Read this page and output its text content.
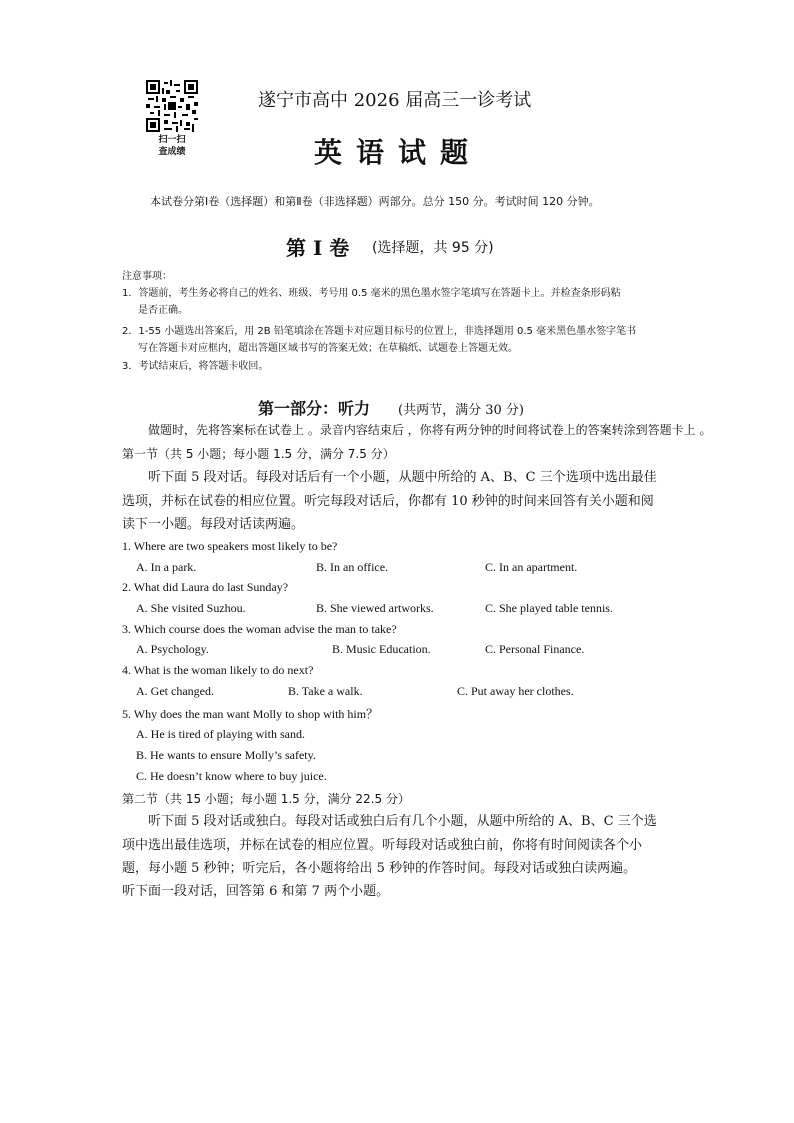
扫一扫
查成绩
遂宁市高中 2026 届高三一诊考试
英语试题
本试卷分第Ⅰ卷（选择题）和第Ⅱ卷（非选择题）两部分。总分 150 分。考试时间 120 分钟。
第 Ⅰ 卷 (选择题，共 95 分)
注意事项：
1．答题前，考生务必将自己的姓名、班级、考号用 0.5 毫米的黑色墨水签字笔填写在答题卡上。并检查条形码粘
是否正确。
2．1-55 小题选出答案后，用 2B 铅笔填涂在答题卡对应题目标号的位置上，非选择题用 0.5 毫米黑色墨水签字笔书
写在答题卡对应框内，超出答题区域书写的答案无效；在草稿纸、试题卷上答题无效。
3．考试结束后，将答题卡收回。
第一部分：听力 (共两节，满分 30 分)
做题时，先将答案标在试卷上 。录音内容结束后 ，你将有两分钟的时间将试卷上的答案转涂到答题卡上 。
第一节（共 5 小题；每小题 1.5 分，满分 7.5 分）
听下面 5 段对话。每段对话后有一个小题，从题中所给的 A、B、C 三个选项中选出最佳
选项，并标在试卷的相应位置。听完每段对话后，你都有 10 秒钟的时间来回答有关小题和阅
读下一小题。每段对话读两遍。
1. Where are two speakers most likely to be?
A. In a park.	B. In an office.	C. In an apartment.
2. What did Laura do last Sunday?
A. She visited Suzhou.	B. She viewed artworks.	C. She played table tennis.
3. Which course does the woman advise the man to take?
A. Psychology.	B. Music Education.	C. Personal Finance.
4. What is the woman likely to do next?
A. Get changed.	B. Take a walk.	C. Put away her clothes.
5. Why does the man want Molly to shop with him？
A. He is tired of playing with sand.
B. He wants to ensure Molly’s safety.
C. He doesn’t know where to buy juice.
第二节（共 15 小题；每小题 1.5 分，满分 22.5 分）
听下面 5 段对话或独白。每段对话或独白后有几个小题，从题中所给的 A、B、C 三个选
项中选出最佳选项，并标在试卷的相应位置。听每段对话或独白前，你将有时间阅读各个小
题，每小题 5 秒钟；听完后，各小题将给出 5 秒钟的作答时间。每段对话或独白读两遍。
听下面一段对话，回答第 6 和第 7 两个小题。
